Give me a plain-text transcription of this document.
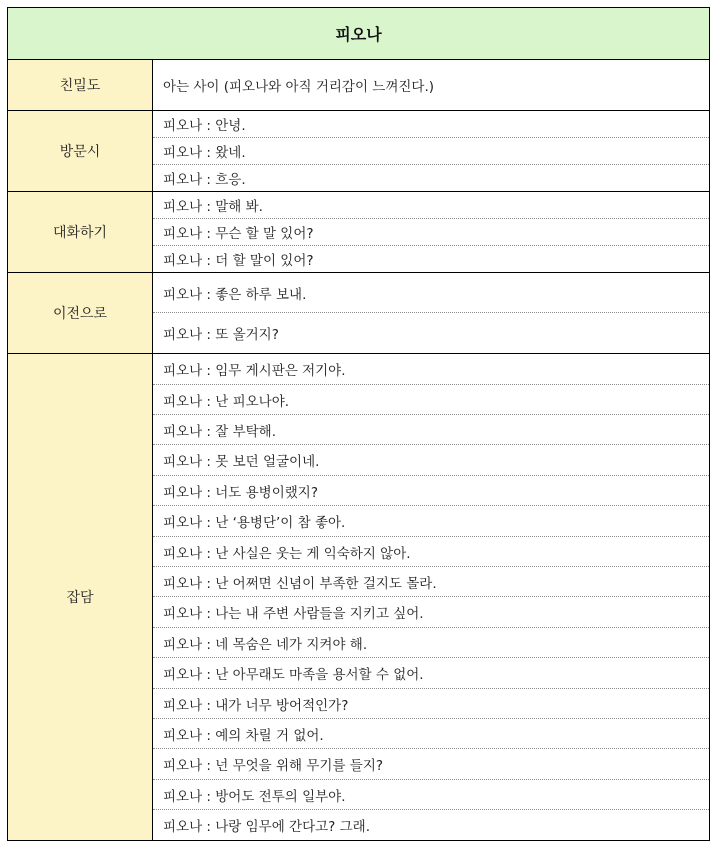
피오나
친밀도	아는 사이 (피오나와 아직 거리감이 느껴진다.)
방문시
피오나 : 안녕.
피오나 : 왔네.
피오나 : 흐응.
대화하기
피오나 : 말해 봐.
피오나 : 무슨 할 말 있어?
피오나 : 더 할 말이 있어?
이전으로
피오나 : 좋은 하루 보내.
피오나 : 또 올거지?
잡담
피오나 : 임무 게시판은 저기야.
피오나 : 난 피오나야.
피오나 : 잘 부탁해.
피오나 : 못 보던 얼굴이네.
피오나 : 너도 용병이랬지?
피오나 : 난 ‘용병단’이 참 좋아.
피오나 : 난 사실은 웃는 게 익숙하지 않아.
피오나 : 난 어쩌면 신념이 부족한 걸지도 몰라.
피오나 : 나는 내 주변 사람들을 지키고 싶어.
피오나 : 네 목숨은 네가 지켜야 해.
피오나 : 난 아무래도 마족을 용서할 수 없어.
피오나 : 내가 너무 방어적인가?
피오나 : 예의 차릴 거 없어.
피오나 : 넌 무엇을 위해 무기를 들지?
피오나 : 방어도 전투의 일부야.
피오나 : 나랑 임무에 간다고? 그래.
